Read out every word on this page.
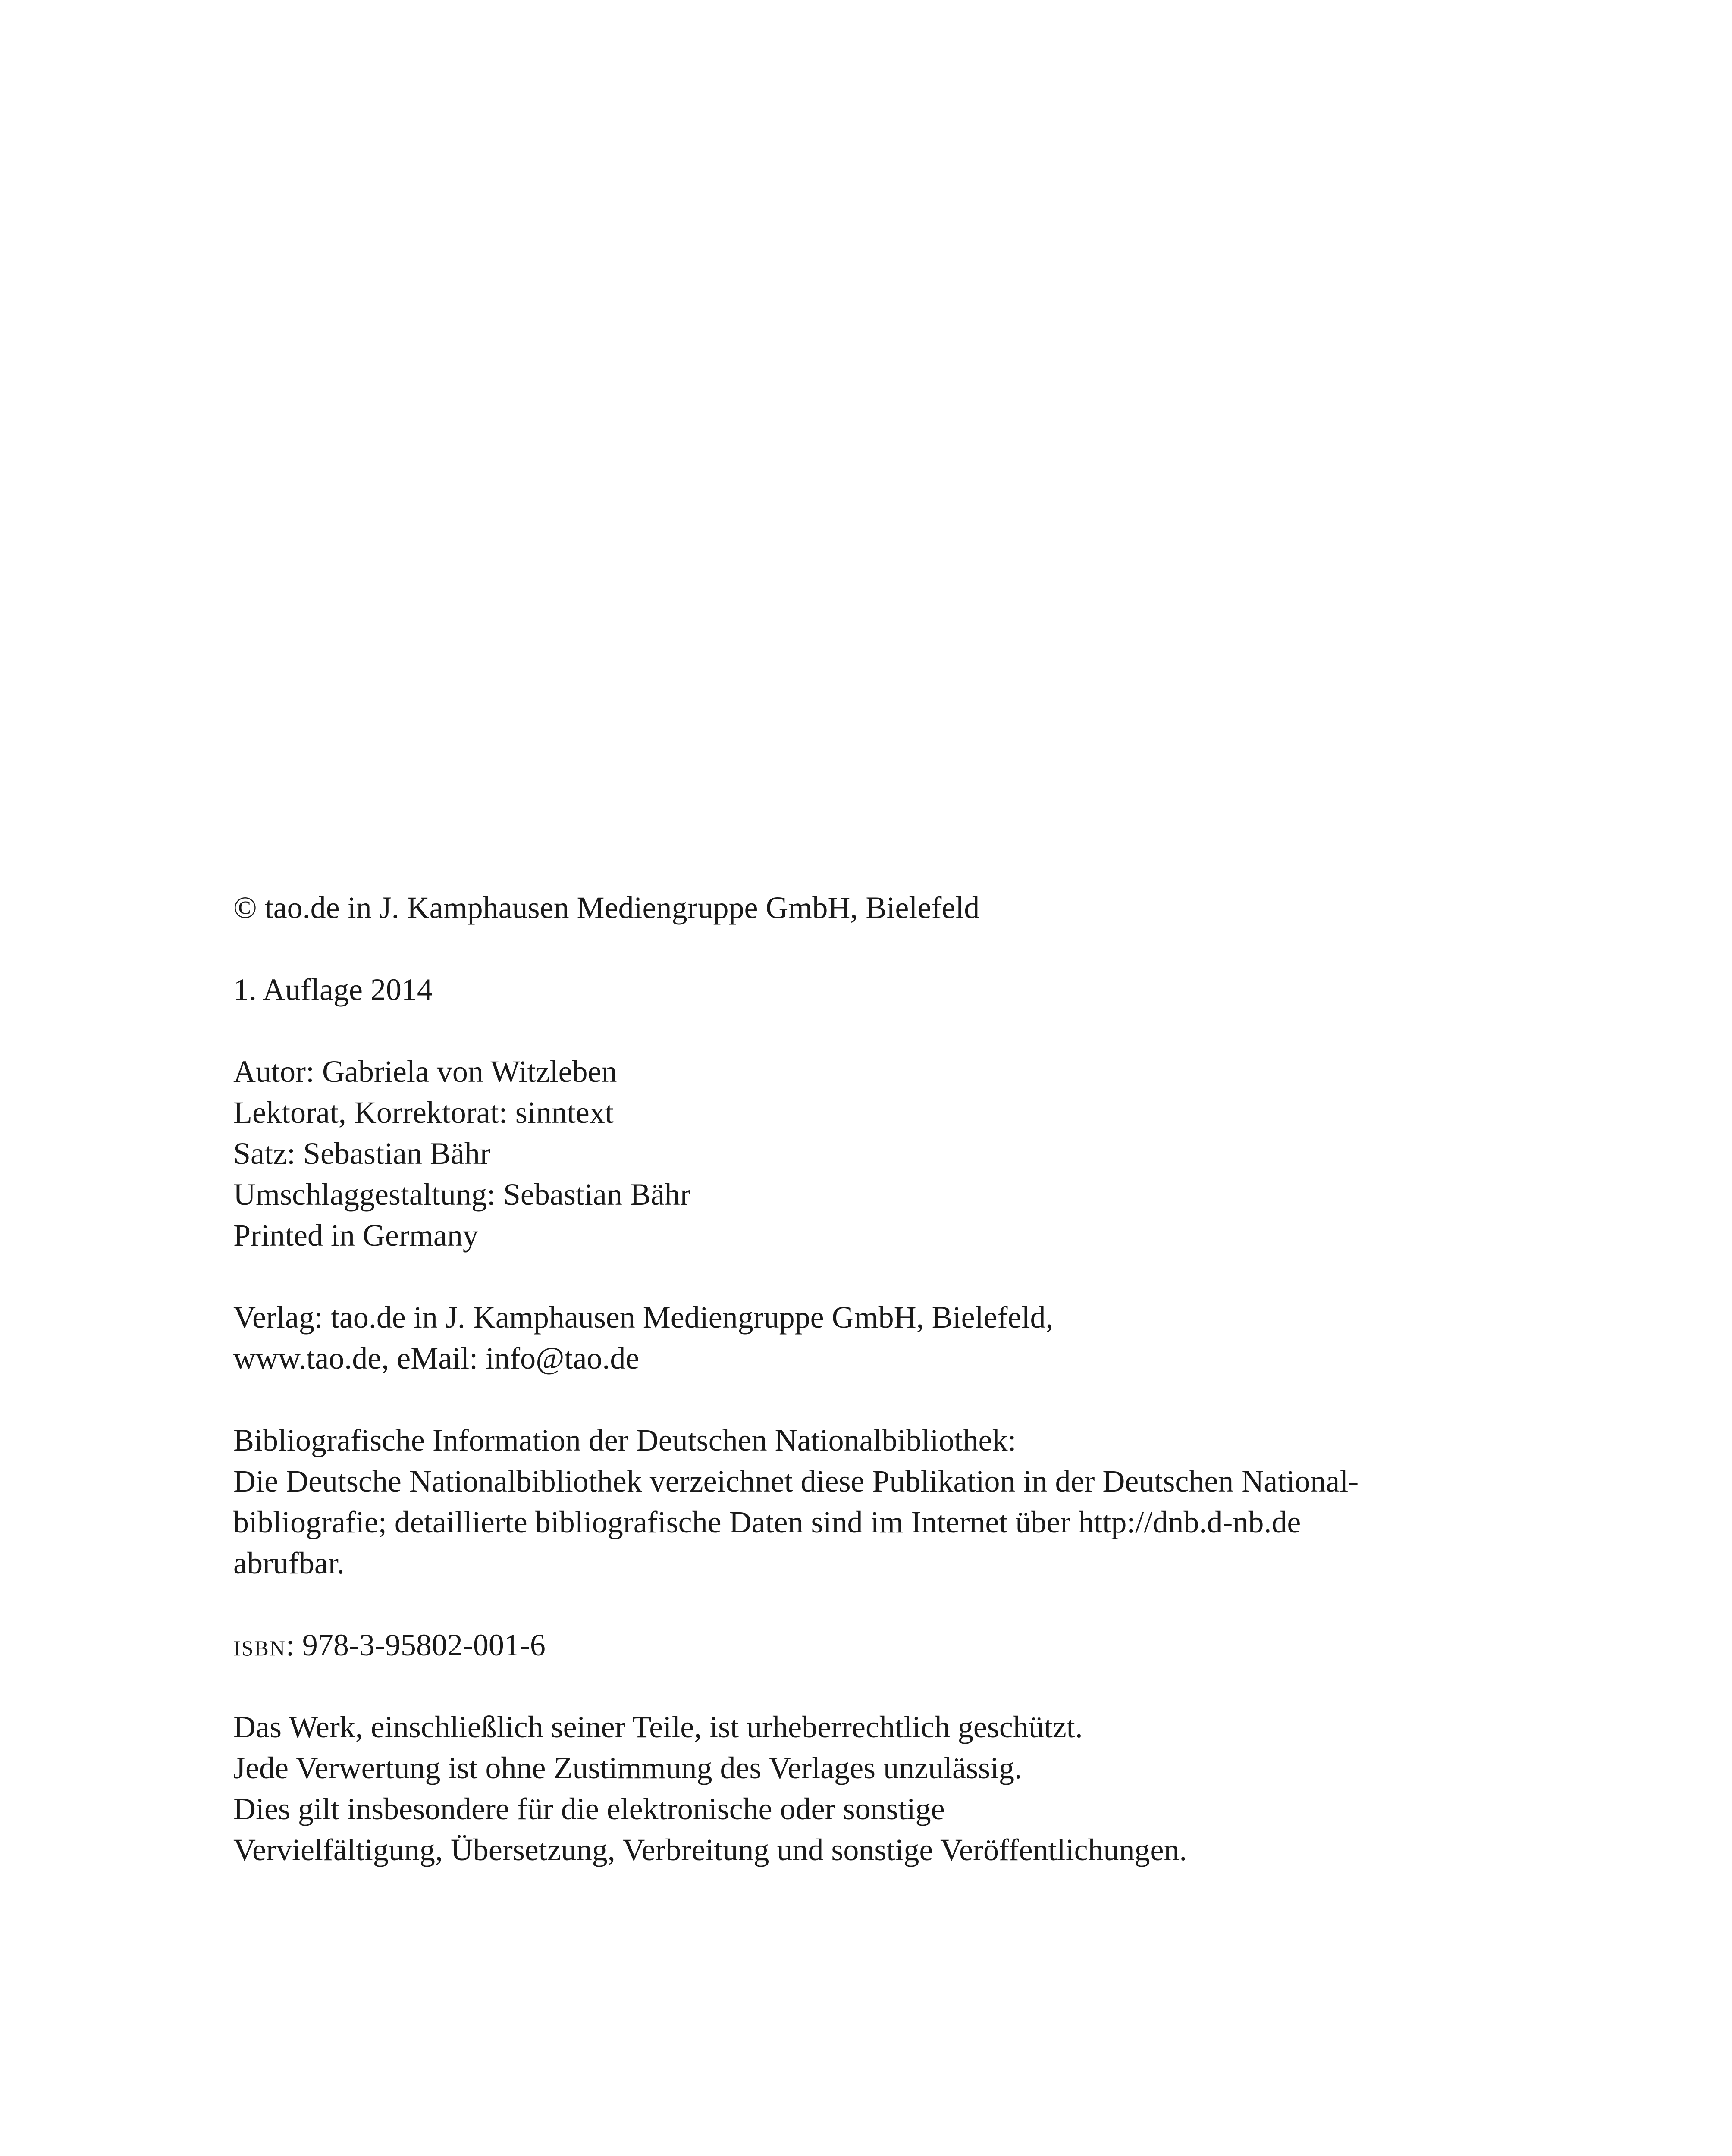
© tao.de in J. Kamphausen Mediengruppe GmbH, Bielefeld
1. Auflage 2014
Autor: Gabriela von Witzleben
Lektorat, Korrektorat: sinntext
Satz: Sebastian Bähr
Umschlaggestaltung: Sebastian Bähr
Printed in Germany
Verlag: tao.de in J. Kamphausen Mediengruppe GmbH, Bielefeld,
www.tao.de, eMail: info@tao.de
Bibliografische Information der Deutschen Nationalbibliothek:
Die Deutsche Nationalbibliothek verzeichnet diese Publikation in der Deutschen National-
bibliografie; detaillierte bibliografische Daten sind im Internet über http://dnb.d-nb.de
abrufbar.
isbn: 978-3-95802-001-6
Das Werk, einschließlich seiner Teile, ist urheberrechtlich geschützt.
Jede Verwertung ist ohne Zustimmung des Verlages unzulässig.
Dies gilt insbesondere für die elektronische oder sonstige
Vervielfältigung, Übersetzung, Verbreitung und sonstige Veröffentlichungen.
